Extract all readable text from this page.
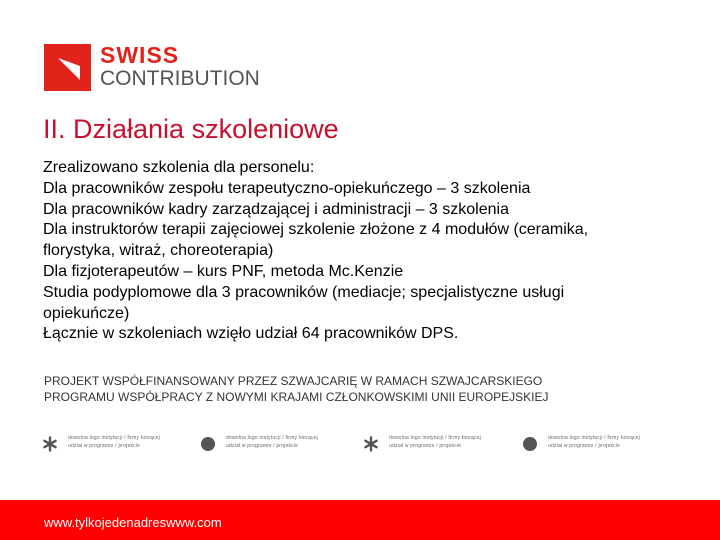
SWISS
CONTRIBUTION
II. Działania szkoleniowe
Zrealizowano szkolenia dla personelu:
Dla pracowników zespołu terapeutyczno-opiekuńczego – 3 szkolenia
Dla pracowników kadry zarządzającej i administracji – 3 szkolenia
Dla instruktorów terapii zajęciowej szkolenie złożone z 4 modułów (ceramika,
florystyka, witraż, choreoterapia)
Dla fizjoterapeutów – kurs PNF, metoda Mc.Kenzie
Studia podyplomowe dla 3 pracowników (mediacje; specjalistyczne usługi
opiekuńcze)
Łącznie w szkoleniach wzięło udział 64 pracowników DPS.
PROJEKT WSPÓŁFINANSOWANY PRZEZ SZWAJCARIĘ W RAMACH SZWAJCARSKIEGO
PROGRAMU WSPÓŁPRACY Z NOWYMI KRAJAMI CZŁONKOWSKIMI UNII EUROPEJSKIEJ
dowolna logo instytucji / firmy biorącej
udział w programie / projekcie
dowolna logo instytucji / firmy biorącej
udział w programie / projekcie
dowolna logo instytucji / firmy biorącej
udział w programie / projekcie
dowolna logo instytucji / firmy biorącej
udział w programie / projekcie
www.tylkojedenadreswww.com
